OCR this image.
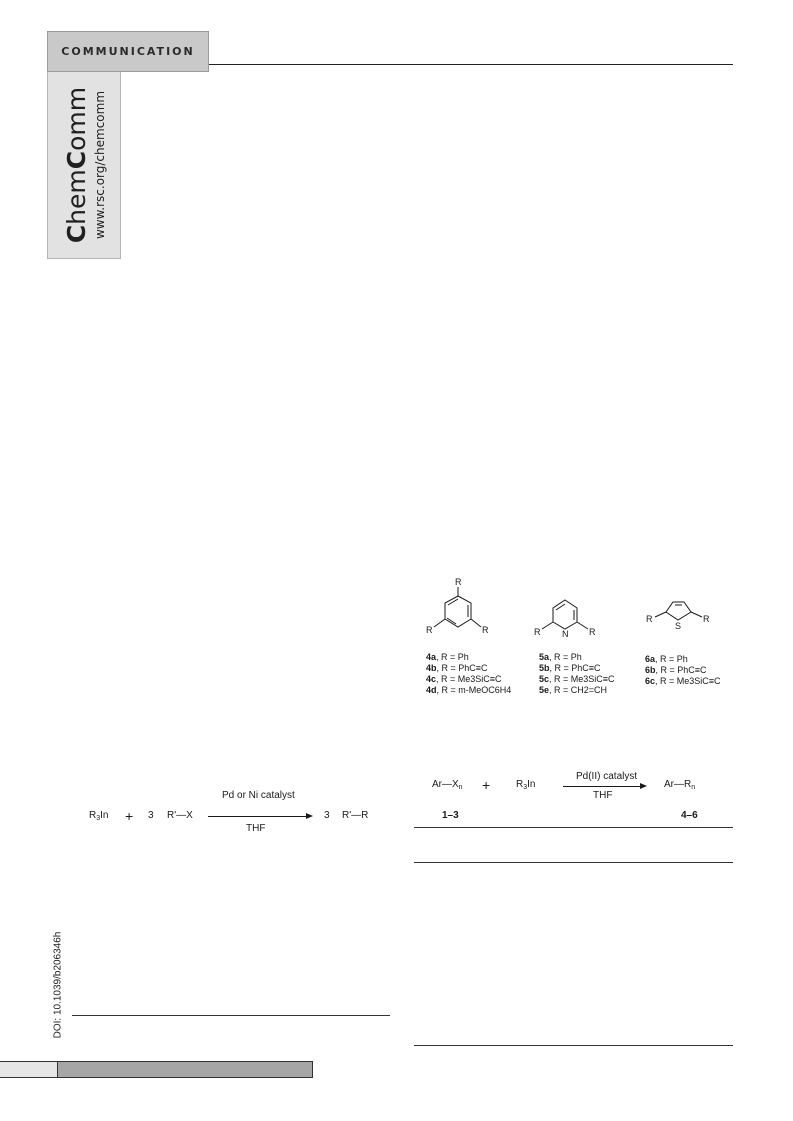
COMMUNICATION
ChemComm www.rsc.org/chemcomm
DOI: 10.1039/b206346h
$R_3In + 3$ R'—X
Pd or Ni catalyst
THF
3 R'—R
R
R	R	R N R
R
S
R
4a, R = Ph
4b, R = PhC≡C
4c, R = Me3SiC≡C
4d, R = m-MeOC6H4
5a, R = Ph
5b, R = PhC≡C
5c, R = Me3SiC≡C
5e, R = CH2=CH
6a, R = Ph
6b, R = PhC≡C
6c, R = Me3SiC≡C
$Ar—X_n$ +	$R_3In$
Pd(II) catalyst
THF
$Ar—R_n$
1–3	4–6
